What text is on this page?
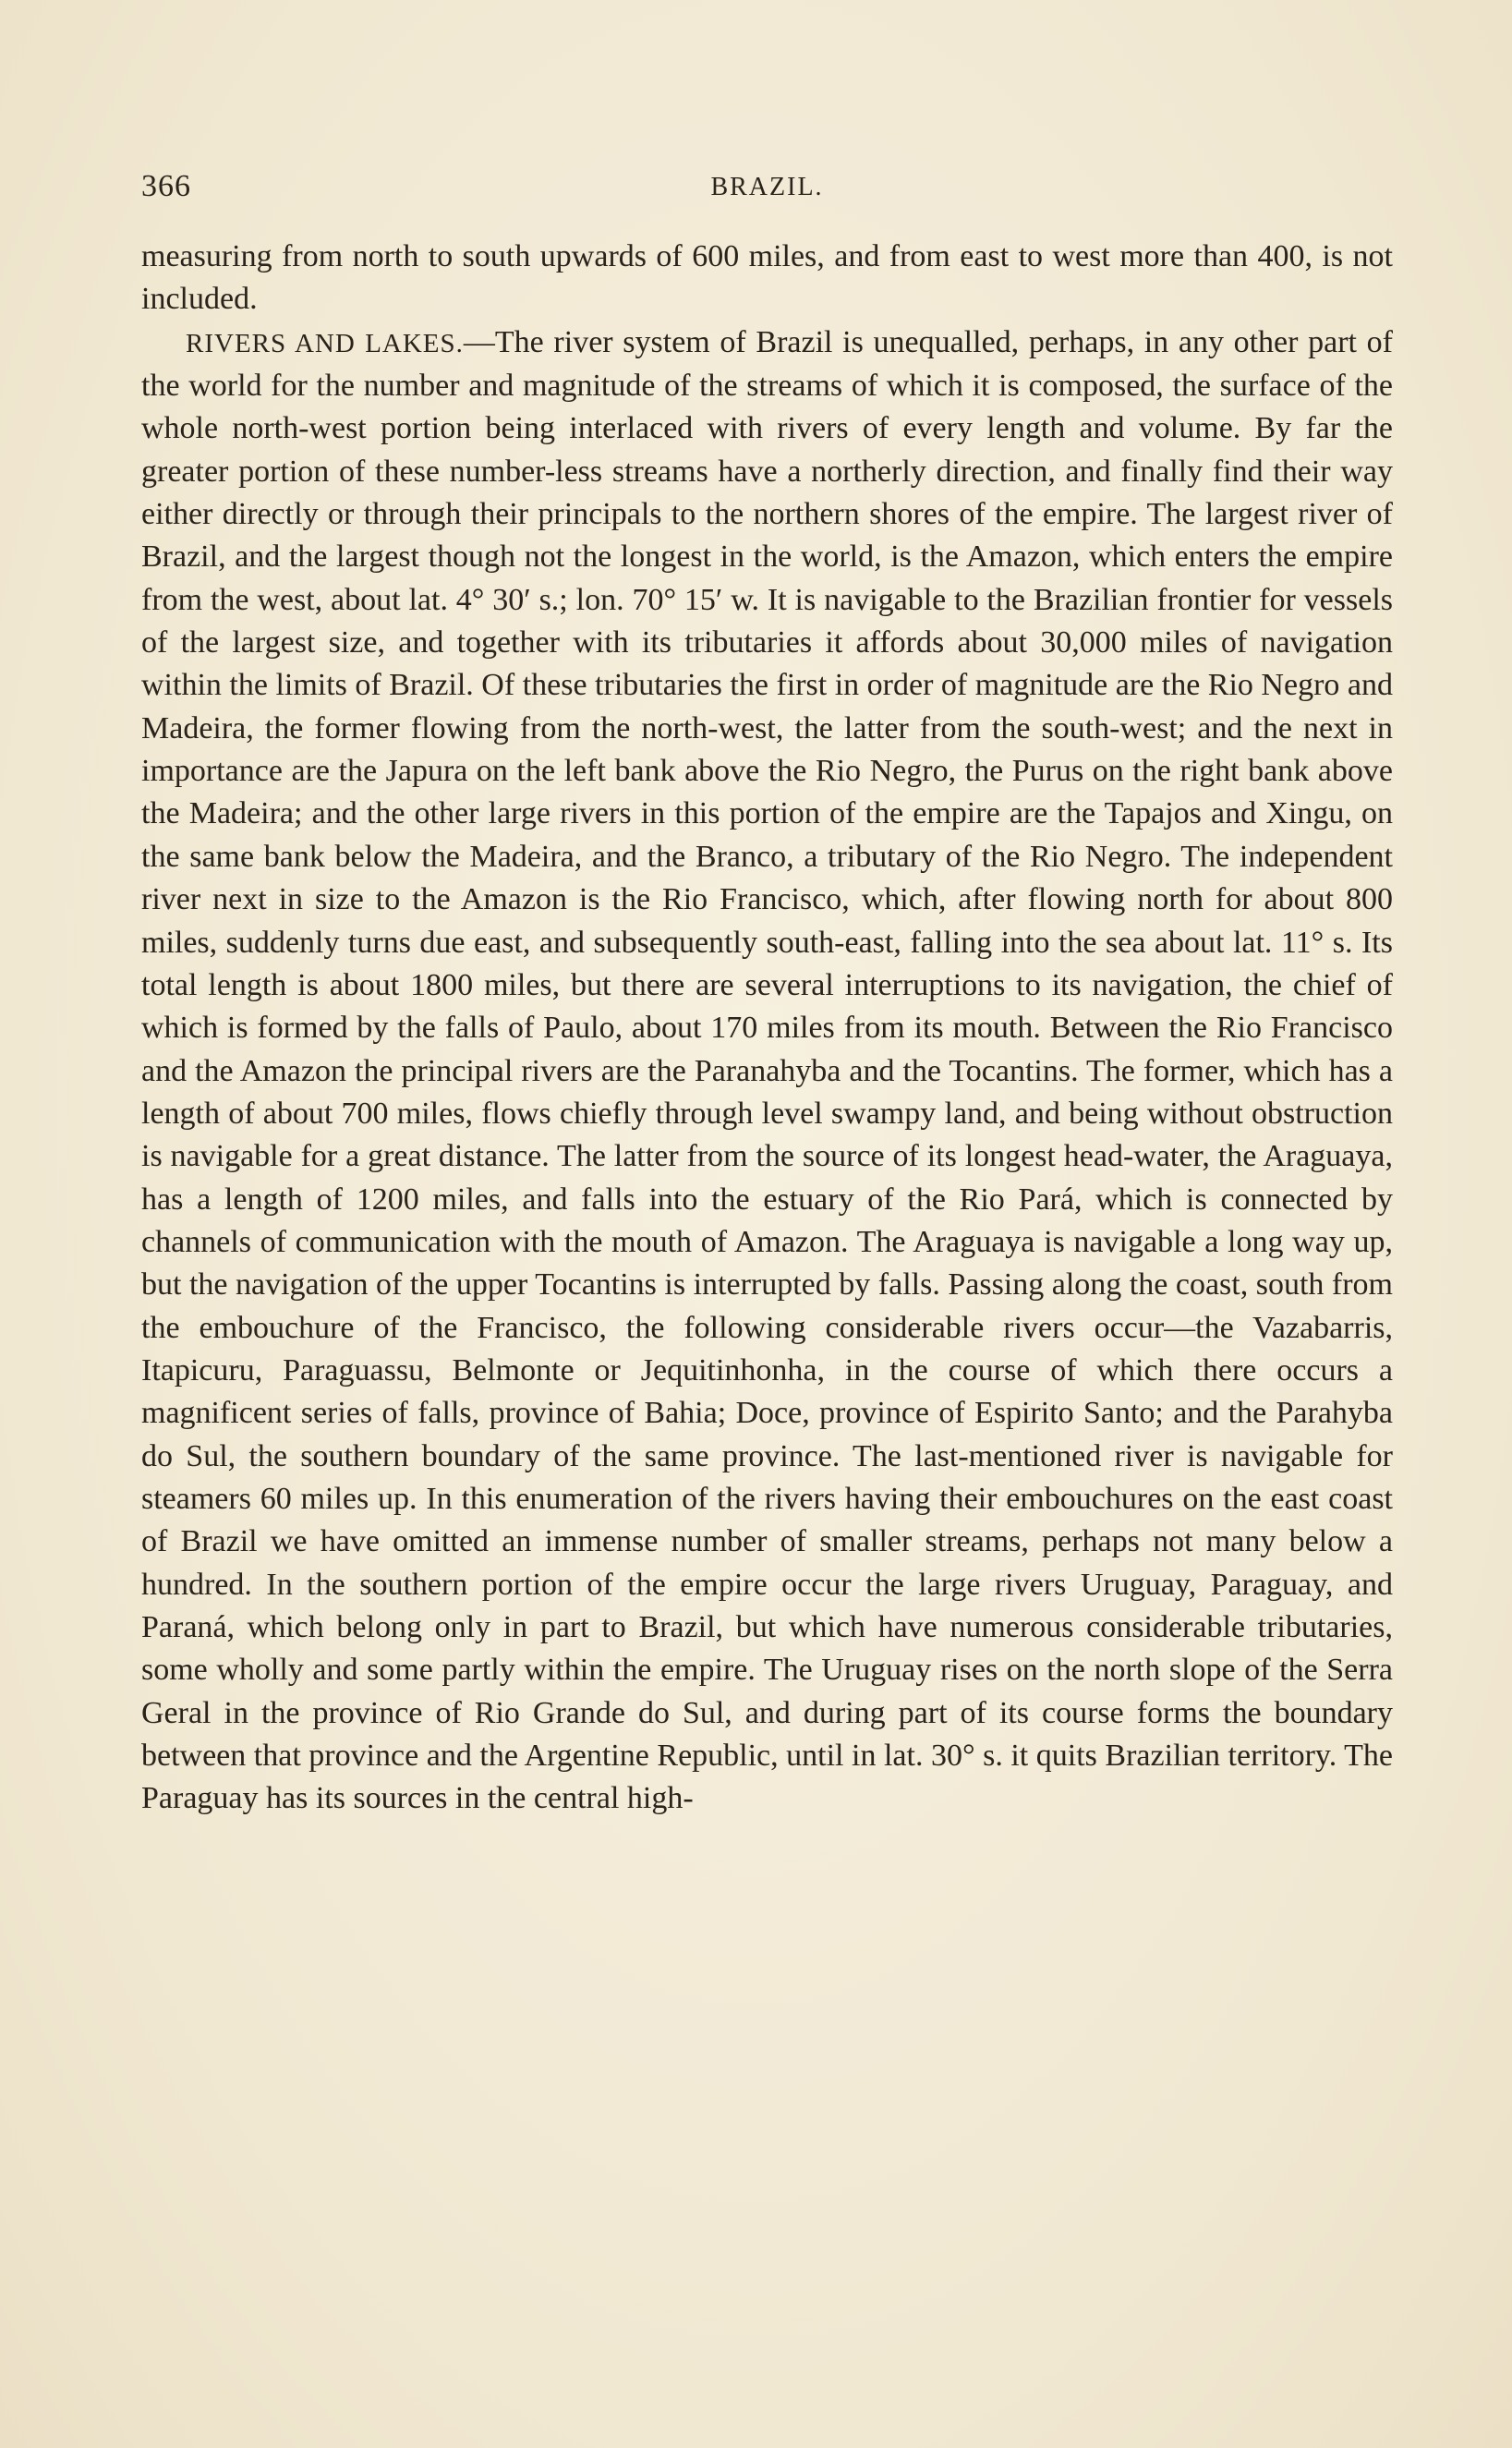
366	BRAZIL.

measuring from north to south upwards of 600 miles, and from east to west more than 400, is not included.

RIVERS AND LAKES.—The river system of Brazil is unequalled, perhaps, in any other part of the world for the number and magnitude of the streams of which it is composed, the surface of the whole north-west portion being interlaced with rivers of every length and volume. By far the greater portion of these number-less streams have a northerly direction, and finally find their way either directly or through their principals to the northern shores of the empire. The largest river of Brazil, and the largest though not the longest in the world, is the Amazon, which enters the empire from the west, about lat. 4° 30′ s.; lon. 70° 15′ w. It is navigable to the Brazilian frontier for vessels of the largest size, and together with its tributaries it affords about 30,000 miles of navigation within the limits of Brazil. Of these tributaries the first in order of magnitude are the Rio Negro and Madeira, the former flowing from the north-west, the latter from the south-west; and the next in importance are the Japura on the left bank above the Rio Negro, the Purus on the right bank above the Madeira; and the other large rivers in this portion of the empire are the Tapajos and Xingu, on the same bank below the Madeira, and the Branco, a tributary of the Rio Negro. The independent river next in size to the Amazon is the Rio Francisco, which, after flowing north for about 800 miles, suddenly turns due east, and subsequently south-east, falling into the sea about lat. 11° s. Its total length is about 1800 miles, but there are several interruptions to its navigation, the chief of which is formed by the falls of Paulo, about 170 miles from its mouth. Between the Rio Francisco and the Amazon the principal rivers are the Paranahyba and the Tocantins. The former, which has a length of about 700 miles, flows chiefly through level swampy land, and being without obstruction is navigable for a great distance. The latter from the source of its longest head-water, the Araguaya, has a length of 1200 miles, and falls into the estuary of the Rio Pará, which is connected by channels of communication with the mouth of Amazon. The Araguaya is navigable a long way up, but the navigation of the upper Tocantins is interrupted by falls. Passing along the coast, south from the embouchure of the Francisco, the following considerable rivers occur—the Vazabarris, Itapicuru, Paraguassu, Belmonte or Jequitinhonha, in the course of which there occurs a magnificent series of falls, province of Bahia; Doce, province of Espirito Santo; and the Parahyba do Sul, the southern boundary of the same province. The last-mentioned river is navigable for steamers 60 miles up. In this enumeration of the rivers having their embouchures on the east coast of Brazil we have omitted an immense number of smaller streams, perhaps not many below a hundred. In the southern portion of the empire occur the large rivers Uruguay, Paraguay, and Paraná, which belong only in part to Brazil, but which have numerous considerable tributaries, some wholly and some partly within the empire. The Uruguay rises on the north slope of the Serra Geral in the province of Rio Grande do Sul, and during part of its course forms the boundary between that province and the Argentine Republic, until in lat. 30° s. it quits Brazilian territory. The Paraguay has its sources in the central high-
